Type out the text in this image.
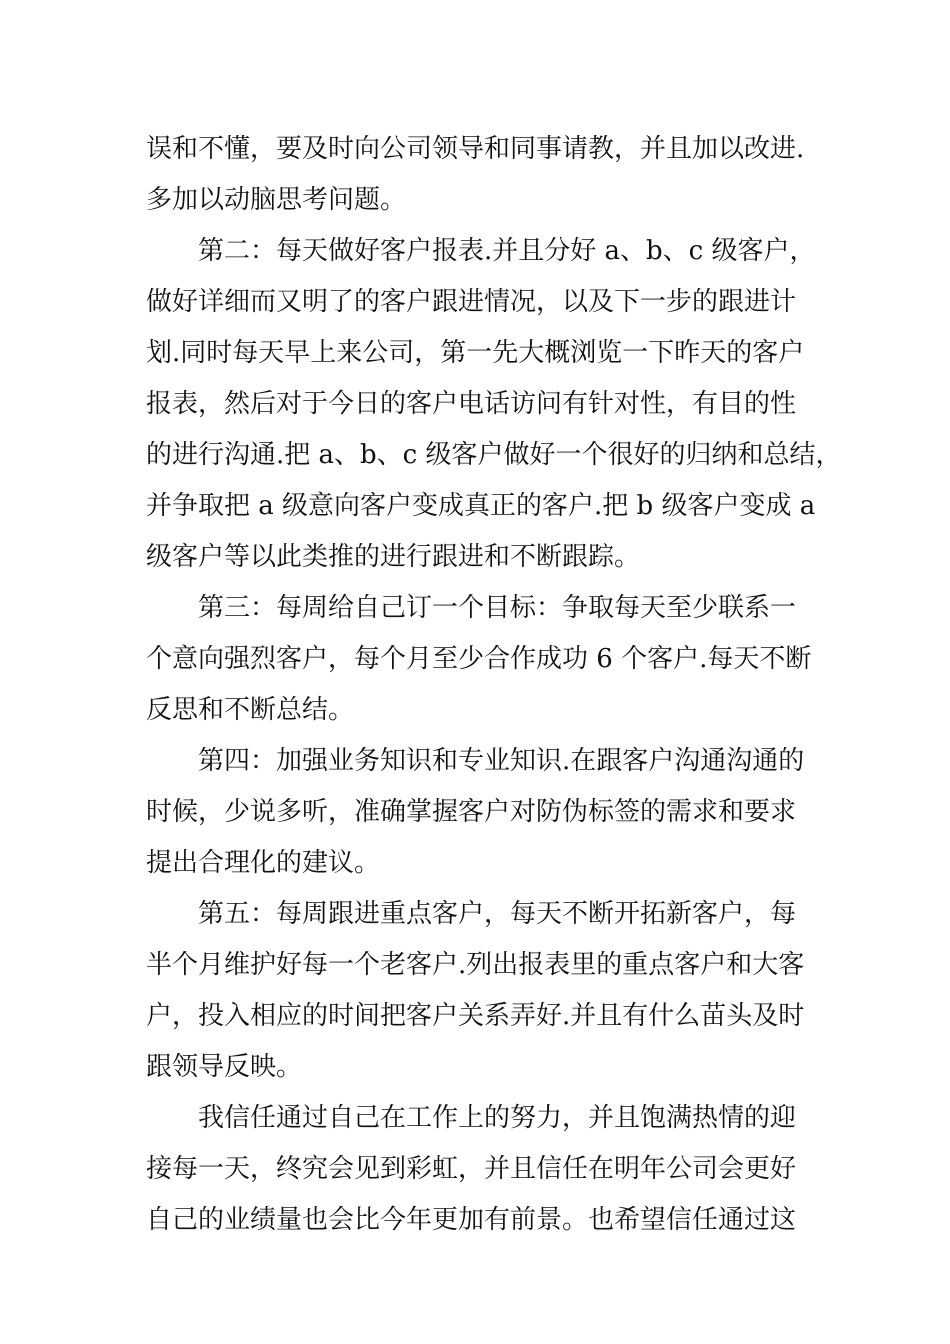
误和不懂，要及时向公司领导和同事请教，并且加以改进.
多加以动脑思考问题。
第二：每天做好客户报表.并且分好 a、b、c 级客户，
做好详细而又明了的客户跟进情况，以及下一步的跟进计
划.同时每天早上来公司，第一先大概浏览一下昨天的客户
报表，然后对于今日的客户电话访问有针对性，有目的性
的进行沟通.把 a、b、c 级客户做好一个很好的归纳和总结，
并争取把 a 级意向客户变成真正的客户.把 b 级客户变成 a
级客户等以此类推的进行跟进和不断跟踪。
第三：每周给自己订一个目标：争取每天至少联系一
个意向强烈客户，每个月至少合作成功 6 个客户.每天不断
反思和不断总结。
第四：加强业务知识和专业知识.在跟客户沟通沟通的
时候，少说多听，准确掌握客户对防伪标签的需求和要求
提出合理化的建议。
第五：每周跟进重点客户，每天不断开拓新客户，每
半个月维护好每一个老客户.列出报表里的重点客户和大客
户，投入相应的时间把客户关系弄好.并且有什么苗头及时
跟领导反映。
我信任通过自己在工作上的努力，并且饱满热情的迎
接每一天，终究会见到彩虹，并且信任在明年公司会更好
自己的业绩量也会比今年更加有前景。也希望信任通过这
